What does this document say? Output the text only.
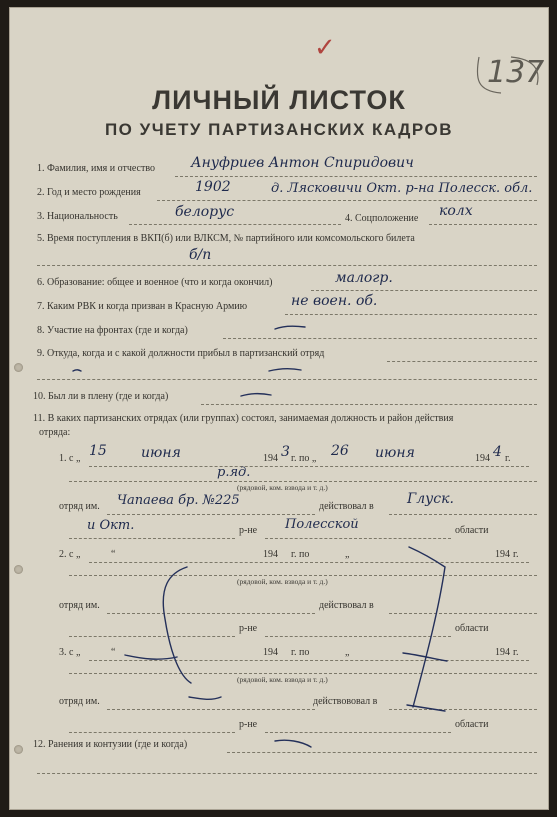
✓
137
ЛИЧНЫЙ ЛИСТОК
ПО УЧЕТУ ПАРТИЗАНСКИХ КАДРОВ
1. Фамилия, имя и отчество	Ануфриев Антон Спиридович
2. Год и место рождения	1902	д. Лясковичи Окт. р-на Полесск. обл.
3. Национальность	белорус	4. Соцположение колх
5. Время поступления в ВКП(б) или ВЛКСМ, № партийного или комсомольского билета
б/п
6. Образование: общее и военное (что и когда окончил)	малогр.
7. Каким РВК и когда призван в Красную Армию	не воен. об.
8. Участие на фронтах (где и когда)
9. Откуда, когда и с какой должности прибыл в партизанский отряд
10. Был ли в плену (где и когда)
11. В каких партизанских отрядах (или группах) состоял, занимаемая должность и район действия
отряда:
1. с „ 15 июня	194 3 г. по „ 26 июня	194 4 г.
р.яд.
(рядовой, ком. взвода и т. д.)
отряд им. Чапаева бр. №225	действовал в Глуск.
и Окт.	р-не Полесской	области
2. с „	“	194 г. по	„	194 г.
(рядовой, ком. взвода и т. д.)
отряд им.	действовал в
р-не	области
3. с „	“	194 г. по	„	194 г.
(рядовой, ком. взвода и т. д.)
отряд им.	действововал в
р-не	области
12. Ранения и контузии (где и когда)
